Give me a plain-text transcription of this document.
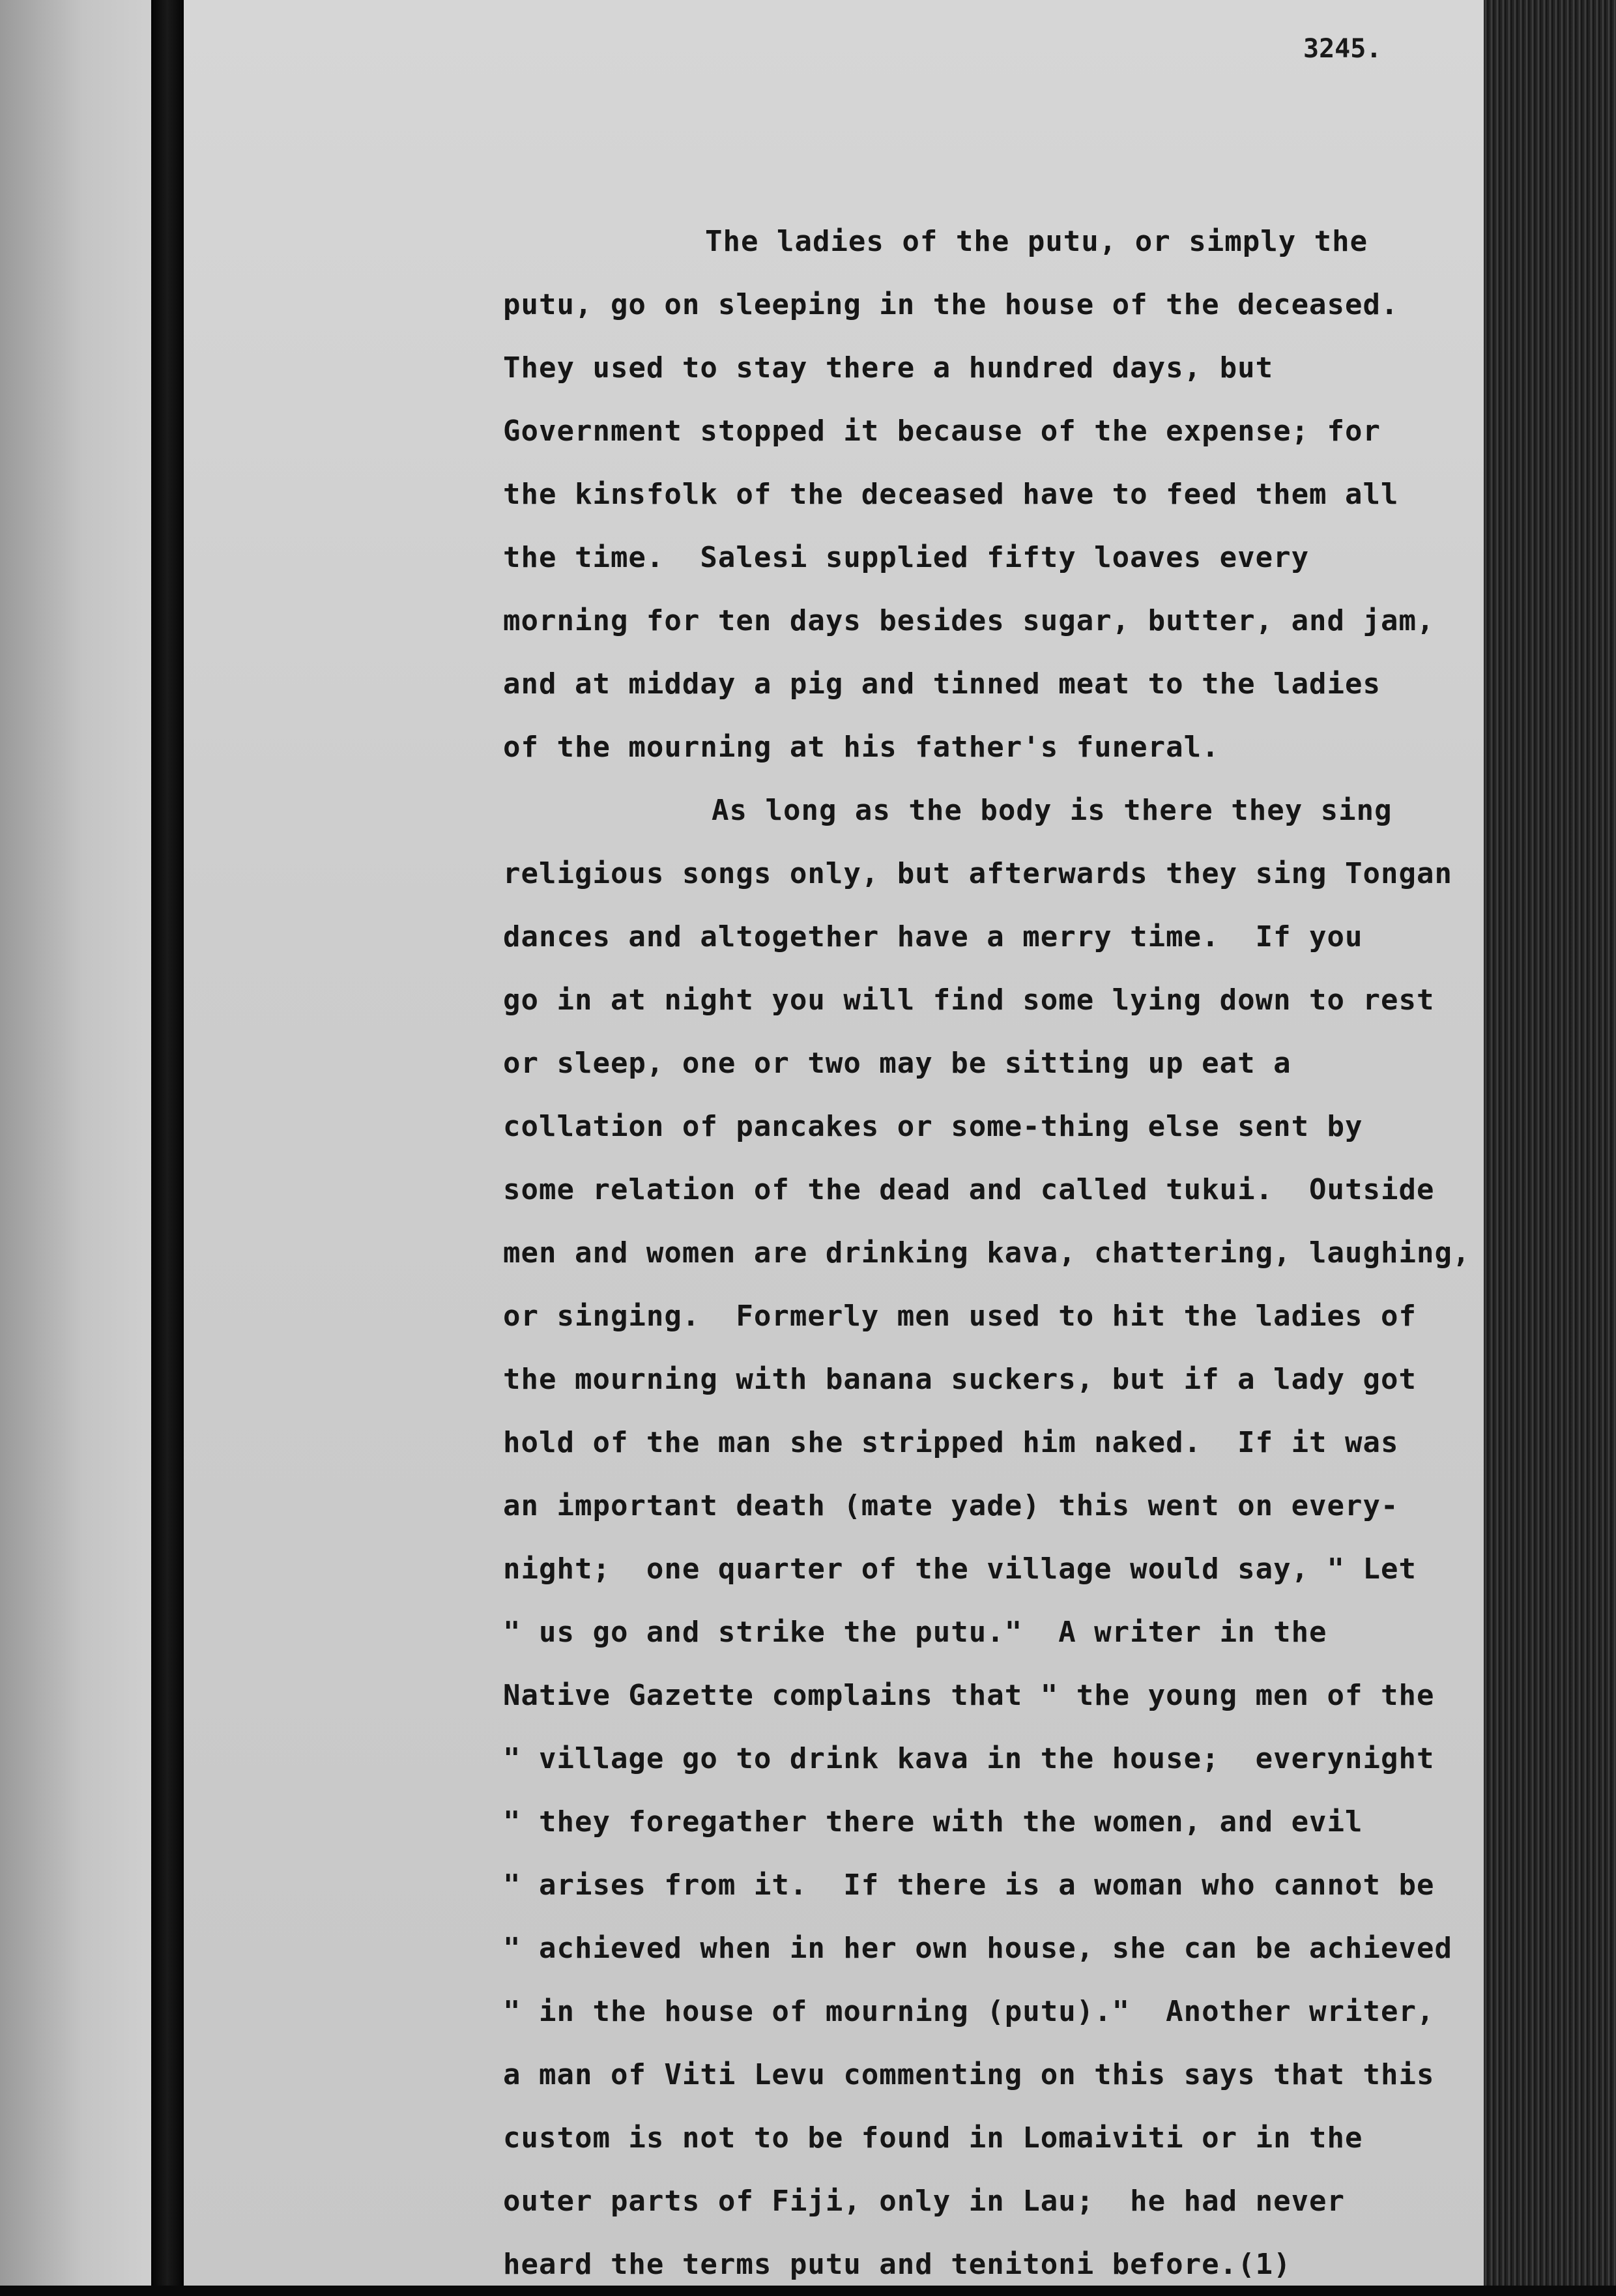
3245.
The ladies of the putu, or simply the
putu, go on sleeping in the house of the deceased.
They used to stay there a hundred days, but
Government stopped it because of the expense; for
the kinsfolk of the deceased have to feed them all
the time.  Salesi supplied fifty loaves every
morning for ten days besides sugar, butter, and jam,
and at midday a pig and tinned meat to the ladies
of the mourning at his father's funeral.
As long as the body is there they sing
religious songs only, but afterwards they sing Tongan
dances and altogether have a merry time.  If you
go in at night you will find some lying down to rest
or sleep, one or two may be sitting up eat a
collation of pancakes or some-thing else sent by
some relation of the dead and called tukui.  Outside
men and women are drinking kava, chattering, laughing,
or singing.  Formerly men used to hit the ladies of
the mourning with banana suckers, but if a lady got
hold of the man she stripped him naked.  If it was
an important death (mate yade) this went on every-
night;  one quarter of the village would say, " Let
" us go and strike the putu."  A writer in the
Native Gazette complains that " the young men of the
" village go to drink kava in the house;  everynight
" they foregather there with the women, and evil
" arises from it.  If there is a woman who cannot be
" achieved when in her own house, she can be achieved
" in the house of mourning (putu)."  Another writer,
a man of Viti Levu commenting on this says that this
custom is not to be found in Lomaiviti or in the
outer parts of Fiji, only in Lau;  he had never
heard the terms putu and tenitoni before.(1)
